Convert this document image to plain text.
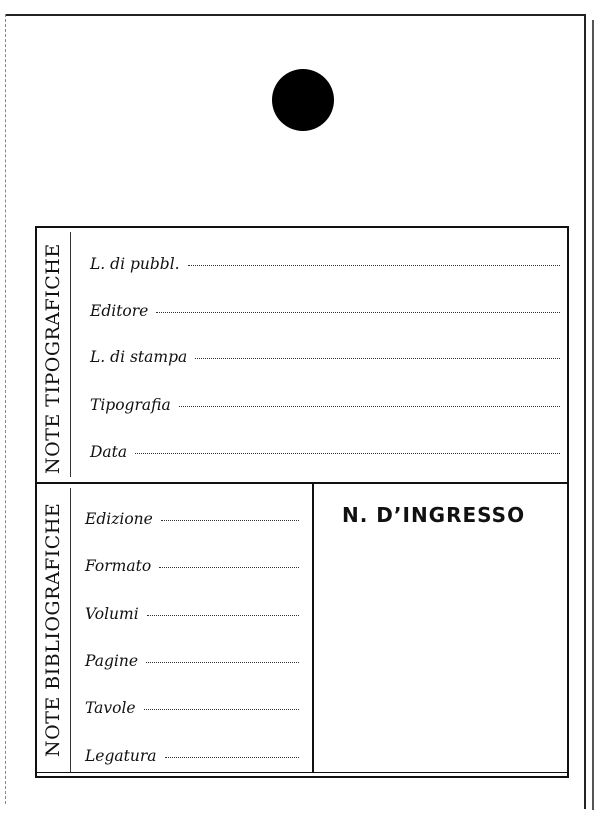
NOTE TIPOGRAFICHE
NOTE BIBLIOGRAFICHE
L. di pubbl.
Editore
L. di stampa
Tipografia
Data
Edizione
Formato
Volumi
Pagine
Tavole
Legatura
N. D’INGRESSO
